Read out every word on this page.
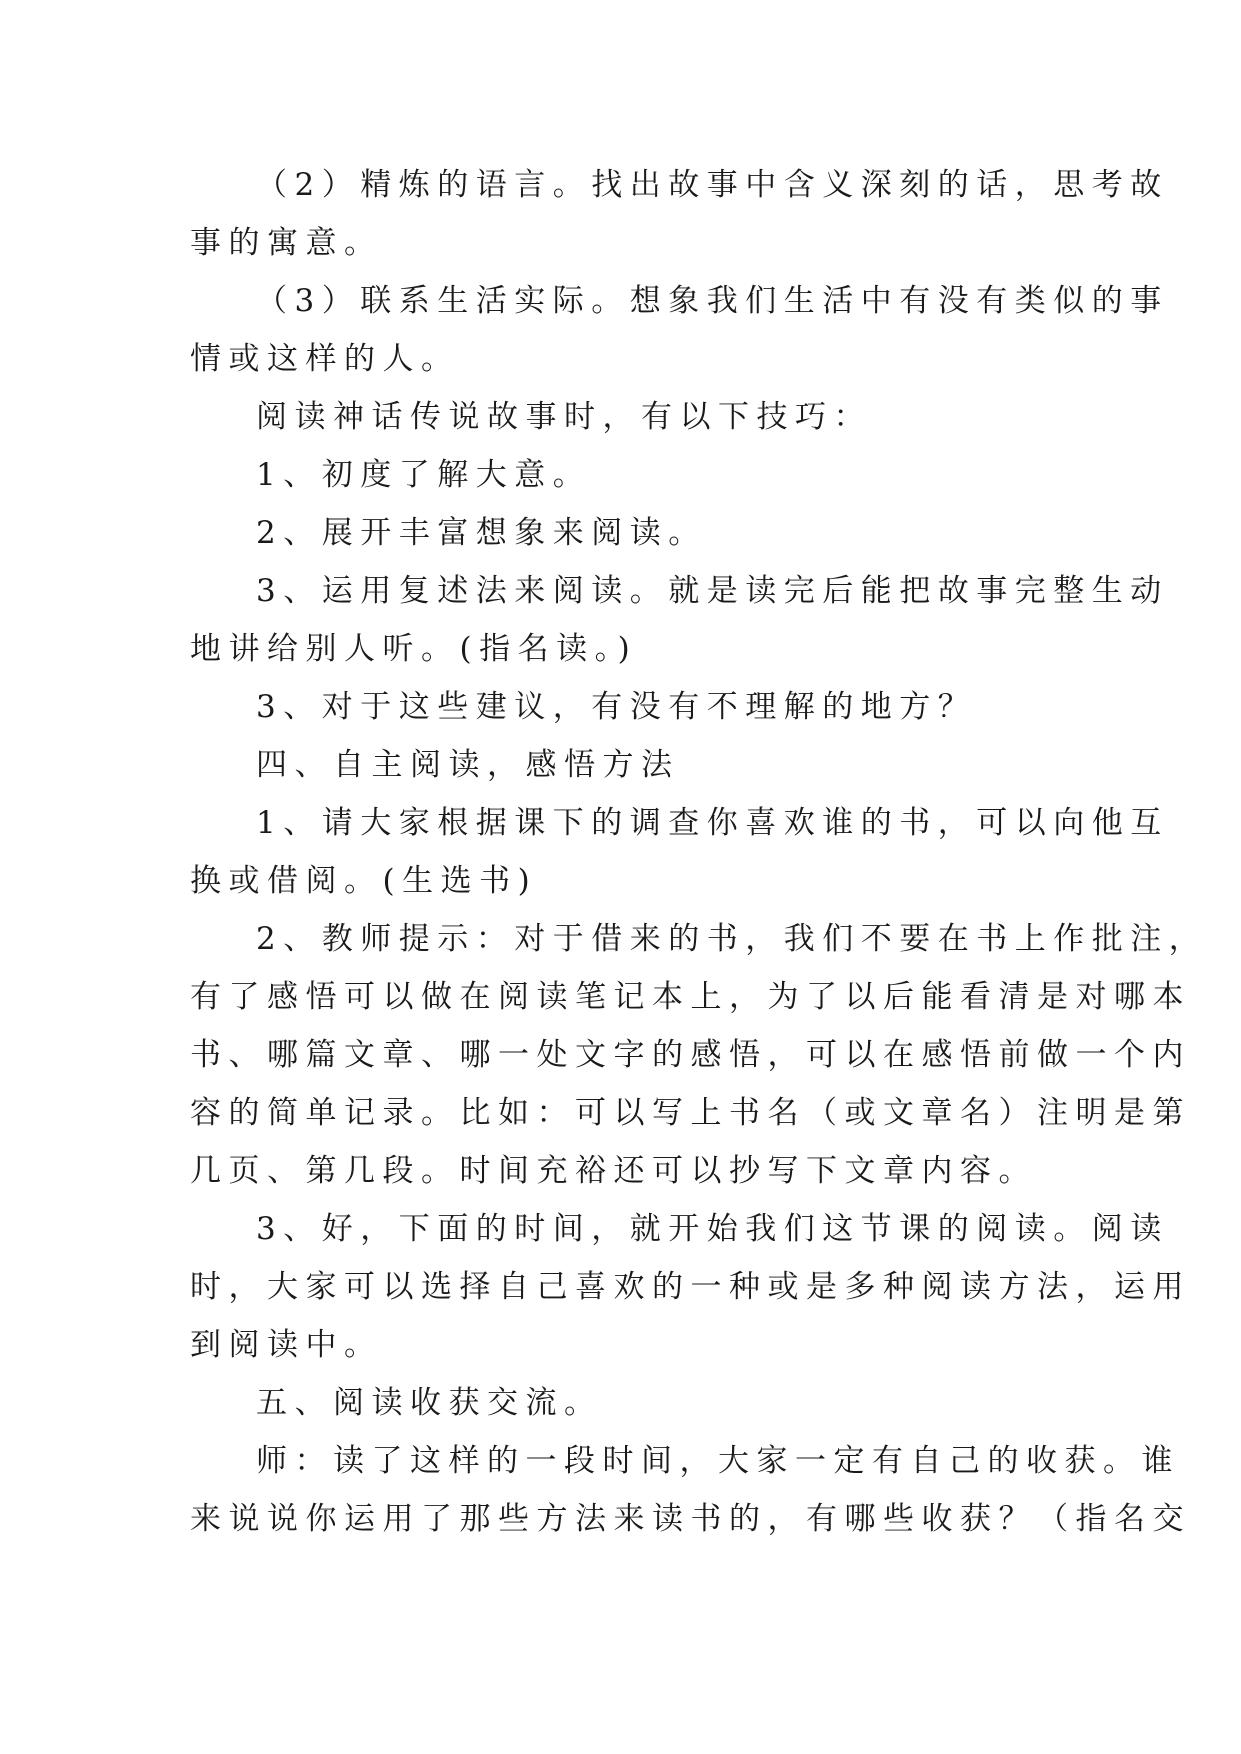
（2）精炼的语言。找出故事中含义深刻的话，思考故

事的寓意。

（3）联系生活实际。想象我们生活中有没有类似的事

情或这样的人。

阅读神话传说故事时，有以下技巧：

1、初度了解大意。

2、展开丰富想象来阅读。

3、运用复述法来阅读。就是读完后能把故事完整生动

地讲给别人听。(指名读。)

3、对于这些建议，有没有不理解的地方？

四、自主阅读，感悟方法

1、请大家根据课下的调查你喜欢谁的书，可以向他互

换或借阅。(生选书)

2、教师提示：对于借来的书，我们不要在书上作批注，

有了感悟可以做在阅读笔记本上，为了以后能看清是对哪本

书、哪篇文章、哪一处文字的感悟，可以在感悟前做一个内

容的简单记录。比如：可以写上书名（或文章名）注明是第

几页、第几段。时间充裕还可以抄写下文章内容。

3、好，下面的时间，就开始我们这节课的阅读。阅读

时，大家可以选择自己喜欢的一种或是多种阅读方法，运用

到阅读中。

五、阅读收获交流。

师：读了这样的一段时间，大家一定有自己的收获。谁

来说说你运用了那些方法来读书的，有哪些收获？（指名交
